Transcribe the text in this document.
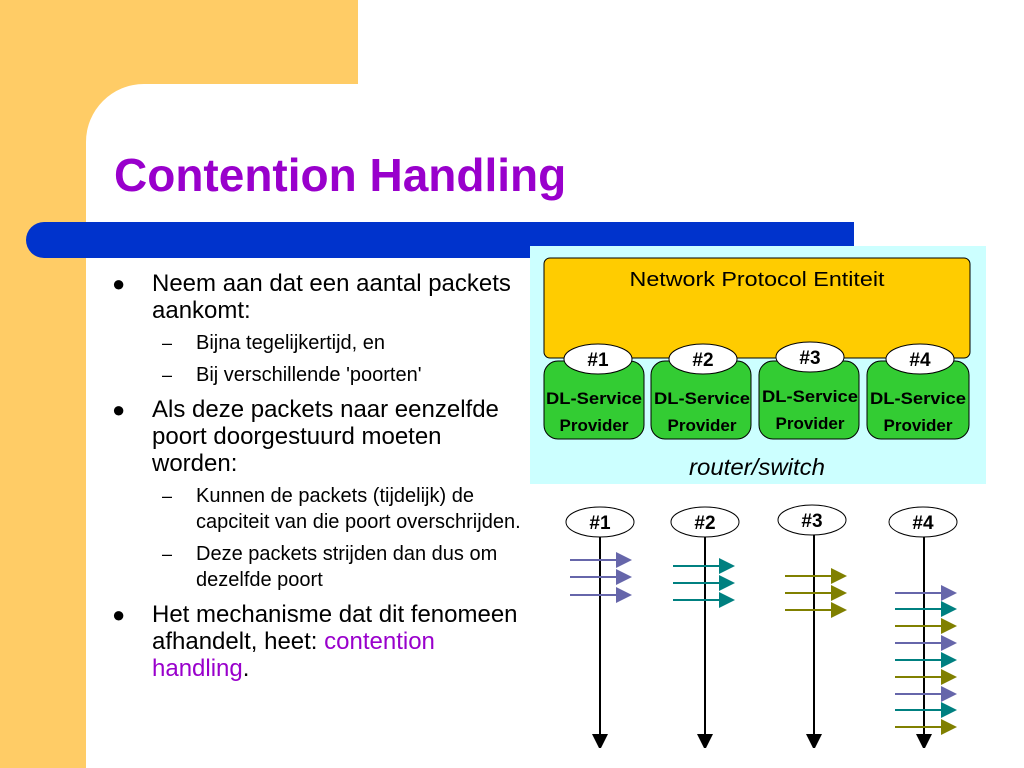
Contention Handling
● Neem aan dat een aantal packets aankomt:
– Bijna tegelijkertijd, en
– Bij verschillende 'poorten'
● Als deze packets naar eenzelfde poort doorgestuurd moeten worden:
– Kunnen de packets (tijdelijk) de capciteit van die poort overschrijden.
– Deze packets strijden dan dus om dezelfde poort
● Het mechanisme dat dit fenomeen afhandelt, heet: contention handling.
Network Protocol Entiteit
DL-Service
Provider
DL-Service
Provider
DL-Service
Provider
DL-Service
Provider
#1	#2	#3	#4
router/switch
#1	#2	#3	#4
